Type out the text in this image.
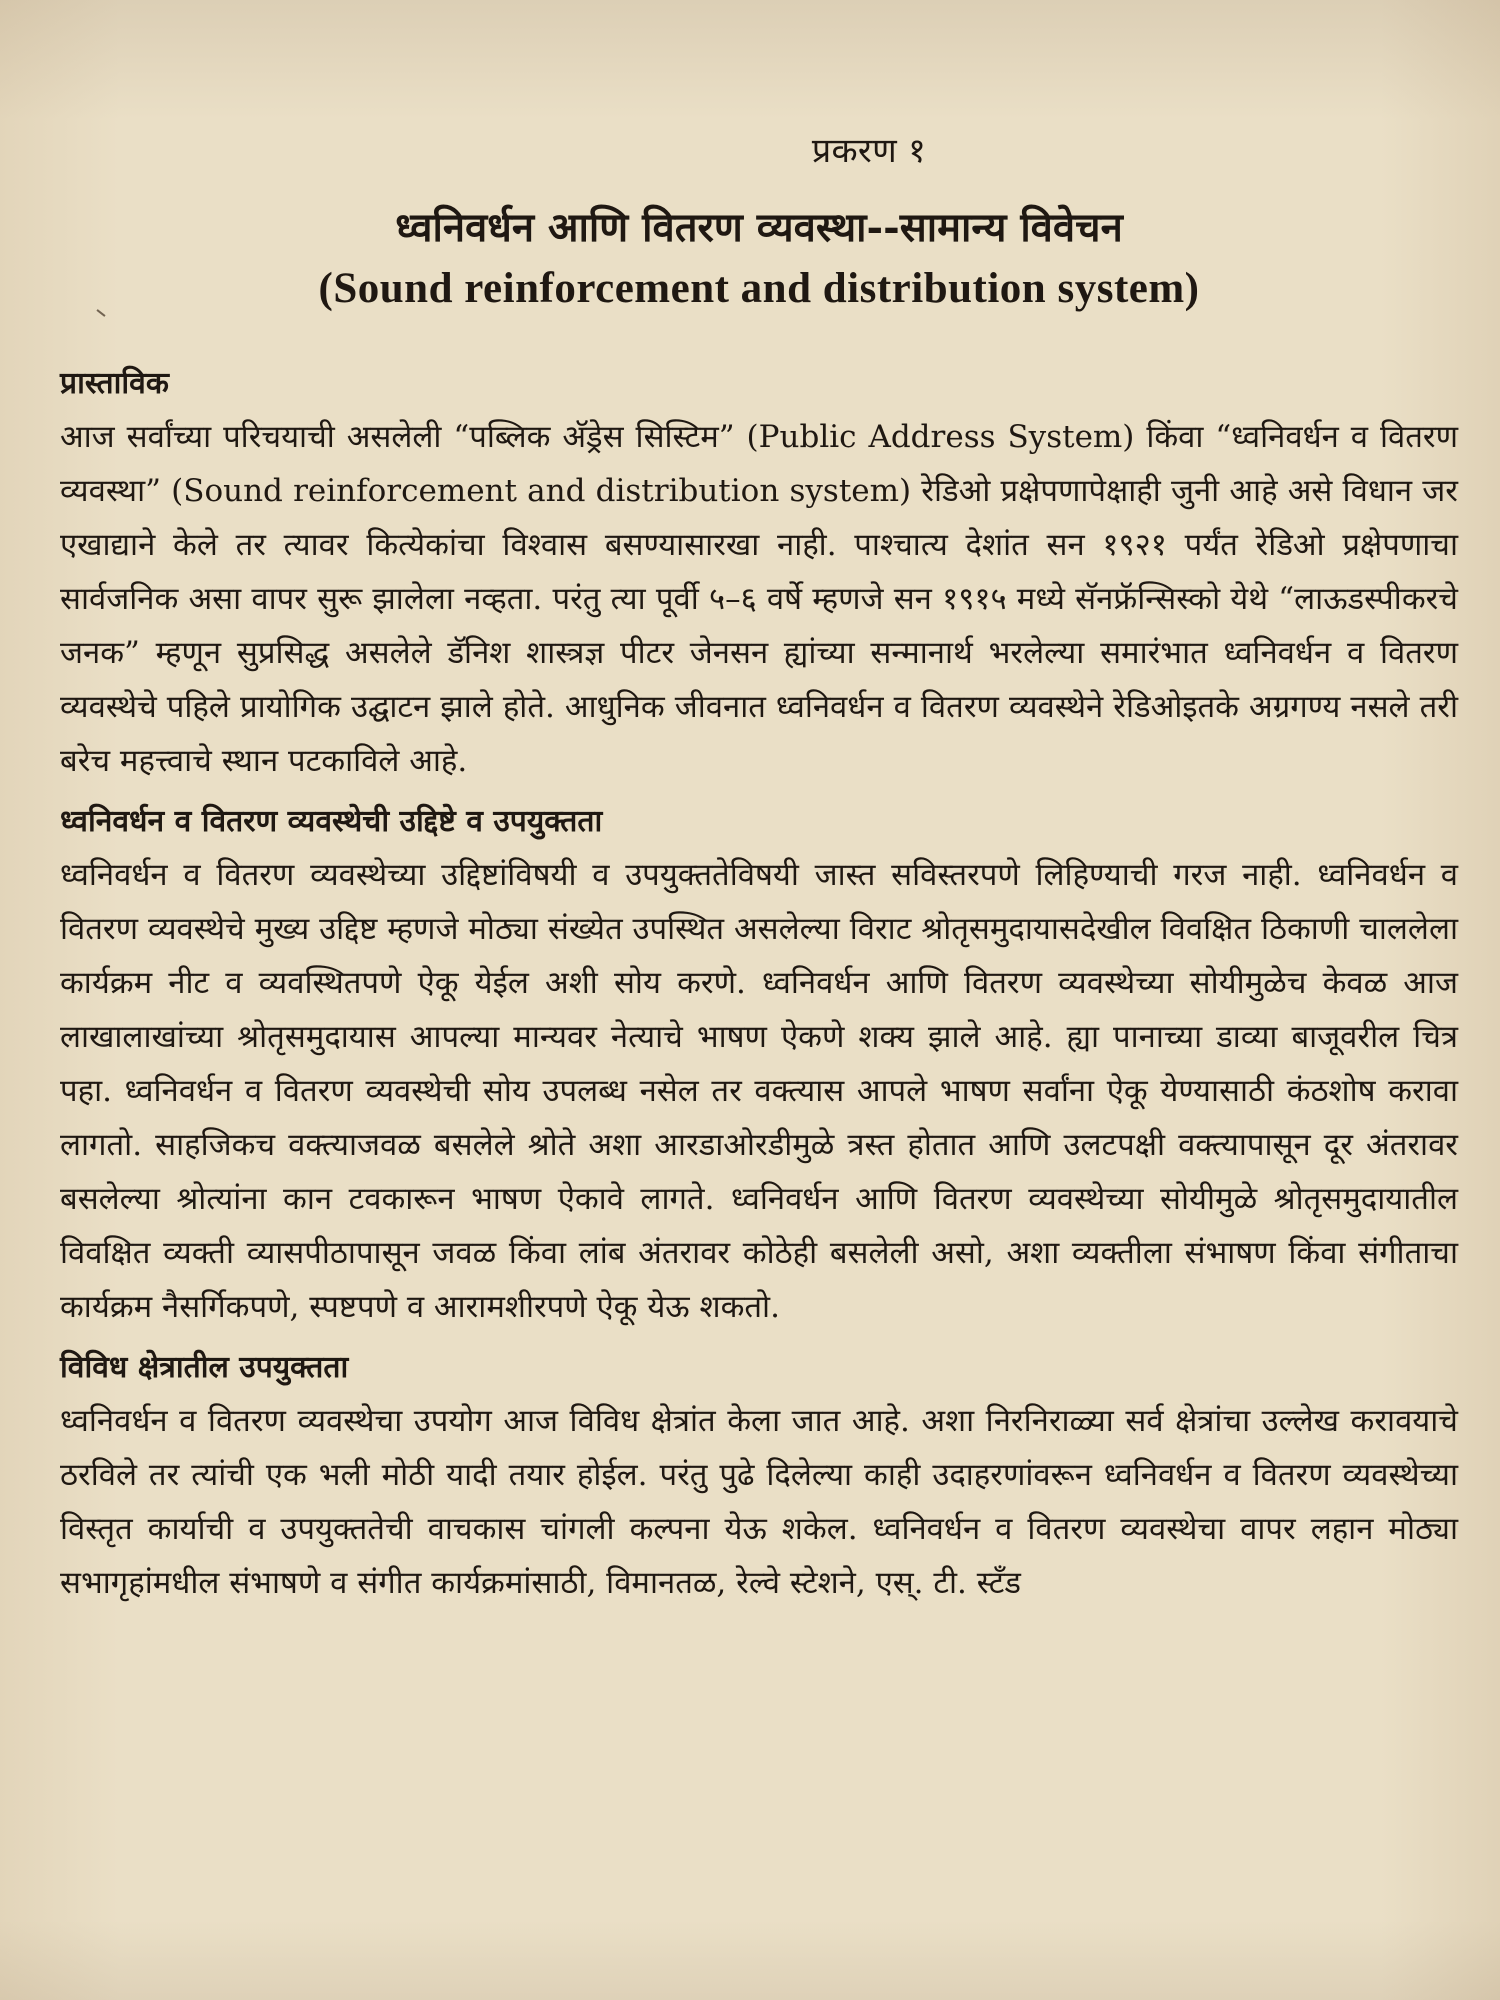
प्रकरण १
ध्वनिवर्धन आणि वितरण व्यवस्था--सामान्य विवेचन
(Sound reinforcement and distribution system)
प्रास्ताविक

आज सर्वांच्या परिचयाची असलेली “पब्लिक अ‍ॅड्रेस सिस्टिम” (Public Address System) किंवा “ध्वनिवर्धन व वितरण व्यवस्था” (Sound reinforcement and distribution system) रेडिओ प्रक्षेपणापेक्षाही जुनी आहे असे विधान जर एखाद्याने केले तर त्यावर कित्येकांचा विश्वास बसण्यासारखा नाही. पाश्चात्य देशांत सन १९२१ पर्यंत रेडिओ प्रक्षेपणाचा सार्वजनिक असा वापर सुरू झालेला नव्हता. परंतु त्या पूर्वी ५–६ वर्षे म्हणजे सन १९१५ मध्ये सॅनफ्रॅन्सिस्को येथे “लाऊडस्पीकरचे जनक” म्हणून सुप्रसिद्ध असलेले डॅनिश शास्त्रज्ञ पीटर जेनसन ह्यांच्या सन्मानार्थ भरलेल्या समारंभात ध्वनिवर्धन व वितरण व्यवस्थेचे पहिले प्रायोगिक उद्घाटन झाले होते. आधुनिक जीवनात ध्वनिवर्धन व वितरण व्यवस्थेने रेडिओइतके अग्रगण्य नसले तरी बरेच महत्त्वाचे स्थान पटकाविले आहे.

ध्वनिवर्धन व वितरण व्यवस्थेची उद्दिष्टे व उपयुक्तता

ध्वनिवर्धन व वितरण व्यवस्थेच्या उद्दिष्टांविषयी व उपयुक्ततेविषयी जास्त सविस्तरपणे लिहिण्याची गरज नाही. ध्वनिवर्धन व वितरण व्यवस्थेचे मुख्य उद्दिष्ट म्हणजे मोठ्या संख्येत उपस्थित असलेल्या विराट श्रोतृसमुदायासदेखील विवक्षित ठिकाणी चाललेला कार्यक्रम नीट व व्यवस्थितपणे ऐकू येईल अशी सोय करणे. ध्वनिवर्धन आणि वितरण व्यवस्थेच्या सोयीमुळेच केवळ आज लाखालाखांच्या श्रोतृसमुदायास आपल्या मान्यवर नेत्याचे भाषण ऐकणे शक्य झाले आहे. ह्या पानाच्या डाव्या बाजूवरील चित्र पहा. ध्वनिवर्धन व वितरण व्यवस्थेची सोय उपलब्ध नसेल तर वक्त्यास आपले भाषण सर्वांना ऐकू येण्यासाठी कंठशोष करावा लागतो. साहजिकच वक्त्याजवळ बसलेले श्रोते अशा आरडाओरडीमुळे त्रस्त होतात आणि उलटपक्षी वक्त्यापासून दूर अंतरावर बसलेल्या श्रोत्यांना कान टवकारून भाषण ऐकावे लागते. ध्वनिवर्धन आणि वितरण व्यवस्थेच्या सोयीमुळे श्रोतृसमुदायातील विवक्षित व्यक्ती व्यासपीठापासून जवळ किंवा लांब अंतरावर कोठेही बसलेली असो, अशा व्यक्तीला संभाषण किंवा संगीताचा कार्यक्रम नैसर्गिकपणे, स्पष्टपणे व आरामशीरपणे ऐकू येऊ शकतो.

विविध क्षेत्रातील उपयुक्तता

ध्वनिवर्धन व वितरण व्यवस्थेचा उपयोग आज विविध क्षेत्रांत केला जात आहे. अशा निरनिराळ्या सर्व क्षेत्रांचा उल्लेख करावयाचे ठरविले तर त्यांची एक भली मोठी यादी तयार होईल. परंतु पुढे दिलेल्या काही उदाहरणांवरून ध्वनिवर्धन व वितरण व्यवस्थेच्या विस्तृत कार्याची व उपयुक्ततेची वाचकास चांगली कल्पना येऊ शकेल. ध्वनिवर्धन व वितरण व्यवस्थेचा वापर लहान मोठ्या सभागृहांमधील संभाषणे व संगीत कार्यक्रमांसाठी, विमानतळ, रेल्वे स्टेशने, एस्. टी. स्टॅंड
